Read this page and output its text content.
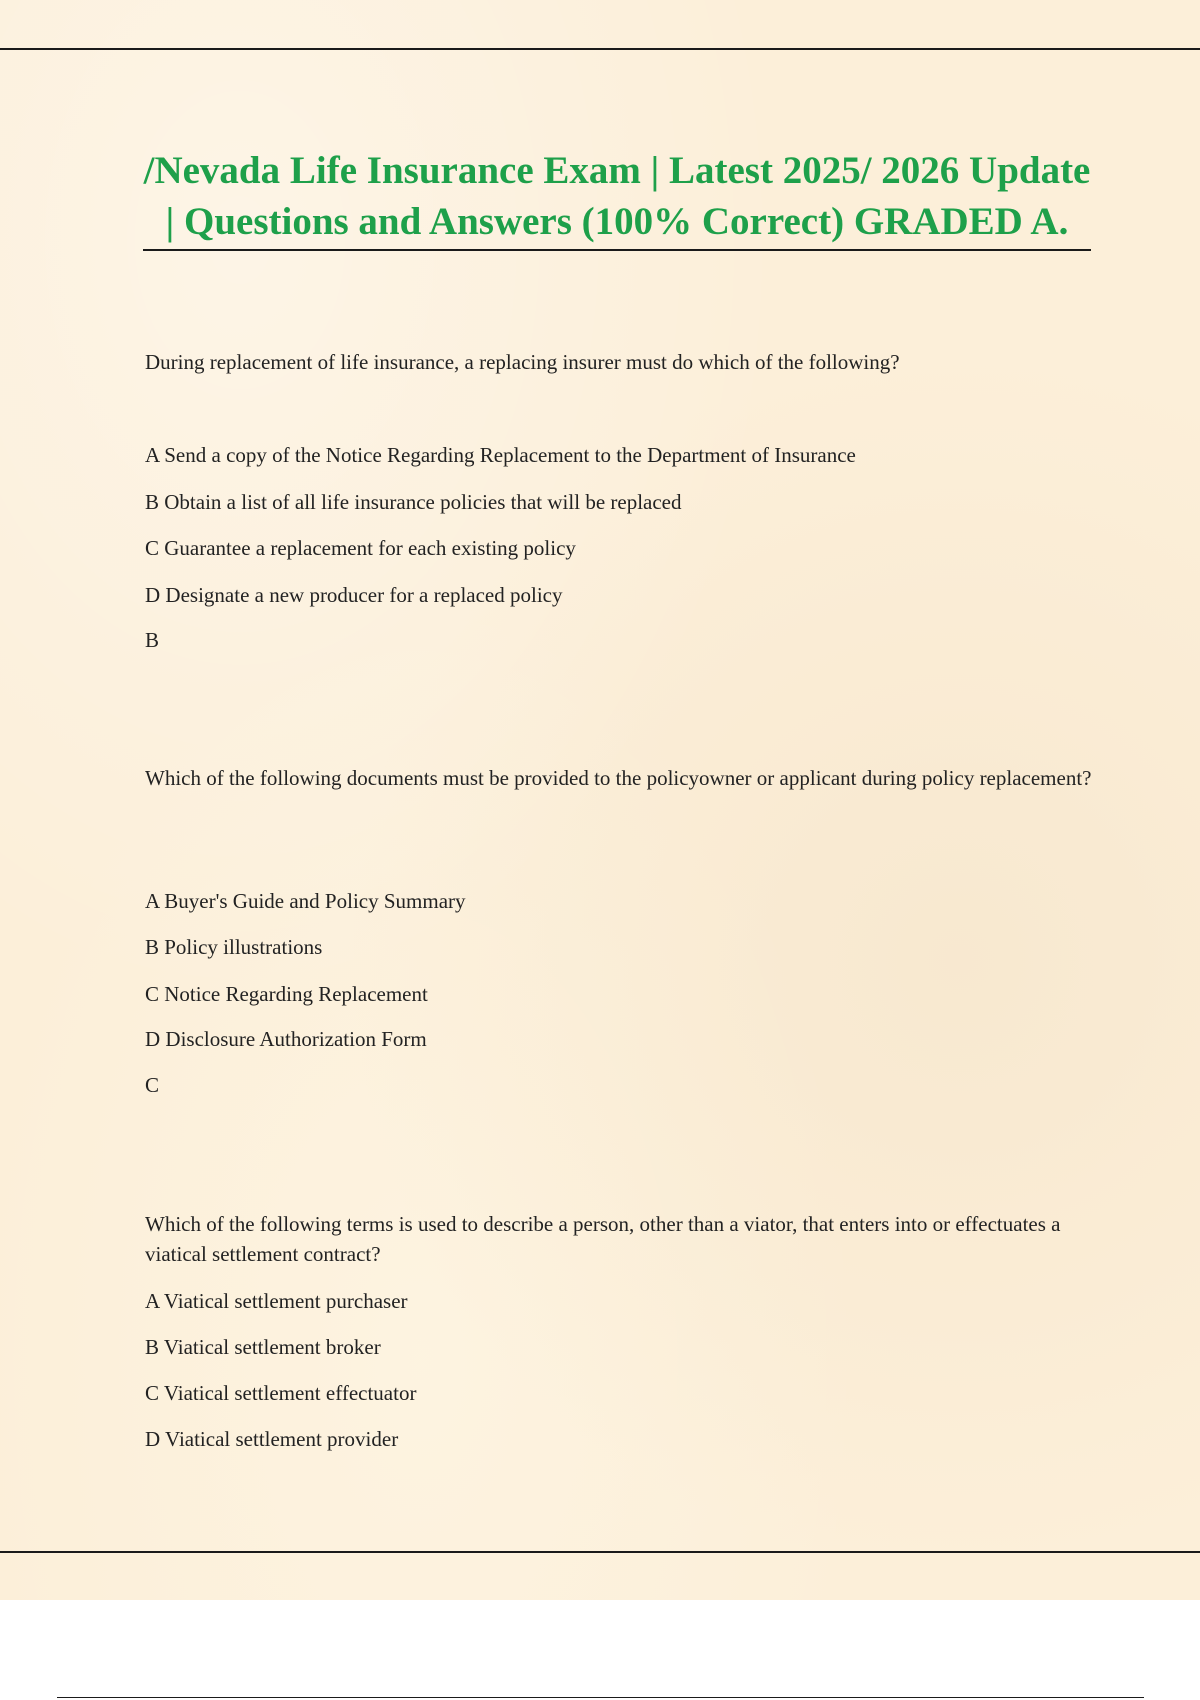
/Nevada Life Insurance Exam | Latest 2025/ 2026 Update | Questions and Answers (100% Correct) GRADED A.

During replacement of life insurance, a replacing insurer must do which of the following?

A Send a copy of the Notice Regarding Replacement to the Department of Insurance
B Obtain a list of all life insurance policies that will be replaced
C Guarantee a replacement for each existing policy
D Designate a new producer for a replaced policy
B

Which of the following documents must be provided to the policyowner or applicant during policy replacement?

A Buyer's Guide and Policy Summary
B Policy illustrations
C Notice Regarding Replacement
D Disclosure Authorization Form
C

Which of the following terms is used to describe a person, other than a viator, that enters into or effectuates a viatical settlement contract?

A Viatical settlement purchaser
B Viatical settlement broker
C Viatical settlement effectuator
D Viatical settlement provider
